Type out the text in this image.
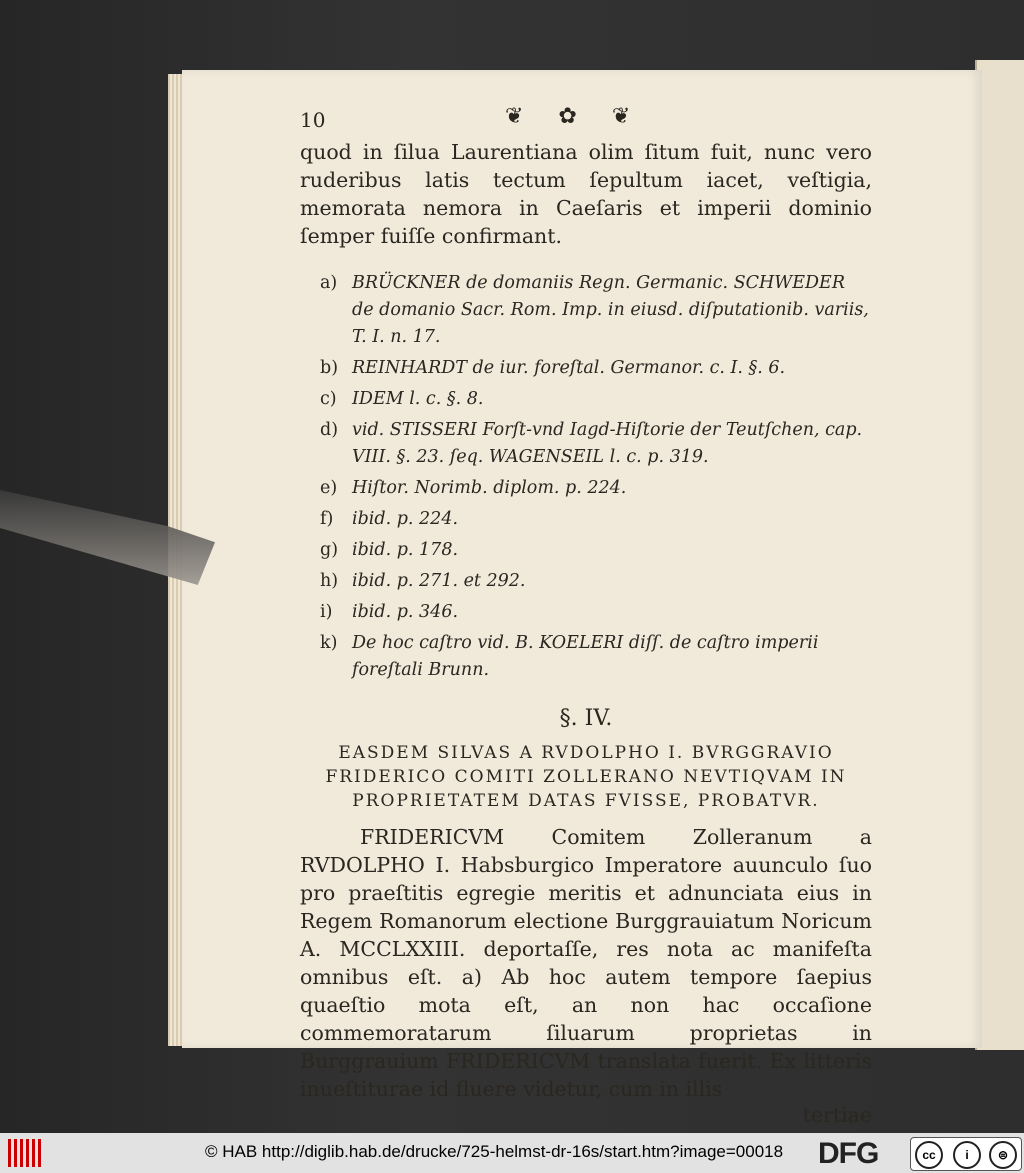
10	❦ ✿ ❦

quod in ſilua Laurentiana olim ſitum fuit, nunc vero ruderibus latis tectum ſepultum iacet, veſtigia, memorata nemora in Caeſaris et imperii dominio ſemper fuiſſe confirmant.

a) BRÜCKNER de domaniis Regn. Germanic. SCHWEDER de domanio Sacr. Rom. Imp. in eiusd. diſputationib. variis, T. I. n. 17.
b) REINHARDT de iur. foreſtal. Germanor. c. I. §. 6.
c) IDEM l. c. §. 8.
d) vid. STISSERI Forſt-vnd Iagd-Hiſtorie der Teutſchen, cap. VIII. §. 23. ſeq. WAGENSEIL l. c. p. 319.
e) Hiſtor. Norimb. diplom. p. 224.
f)	ibid. p. 224.
g) ibid. p. 178.
h) ibid. p. 271. et 292.
i)	ibid. p. 346.
k) De hoc caſtro vid. B. KOELERI diſſ. de caſtro imperii foreſtali Brunn.
§. IV.

EASDEM SILVAS A RVDOLPHO I. BVRGGRAVIO FRIDERICO COMITI ZOLLERANO NEVTIQVAM IN PROPRIETATEM DATAS FVISSE, PROBATVR.

FRIDERICVM Comitem Zolleranum a RVDOLPHO I. Habsburgico Imperatore auunculo ſuo pro praeſtitis egregie meritis et adnunciata eius in Regem Romanorum electione Burggrauiatum Noricum A. MCCLXXIII. deportaſſe, res nota ac manifeſta omnibus eſt. a) Ab hoc autem tempore ſaepius quaeſtio mota eſt, an non hac occaſione commemoratarum ſiluarum proprietas in Burggrauium FRIDERICVM translata fuerit. Ex litteris inueſtiturae id fluere videtur, cum in illis

tertiae
© HAB http://diglib.hab.de/drucke/725-helmst-dr-16s/start.htm?image=00018 DFG	cc	i	⊜
